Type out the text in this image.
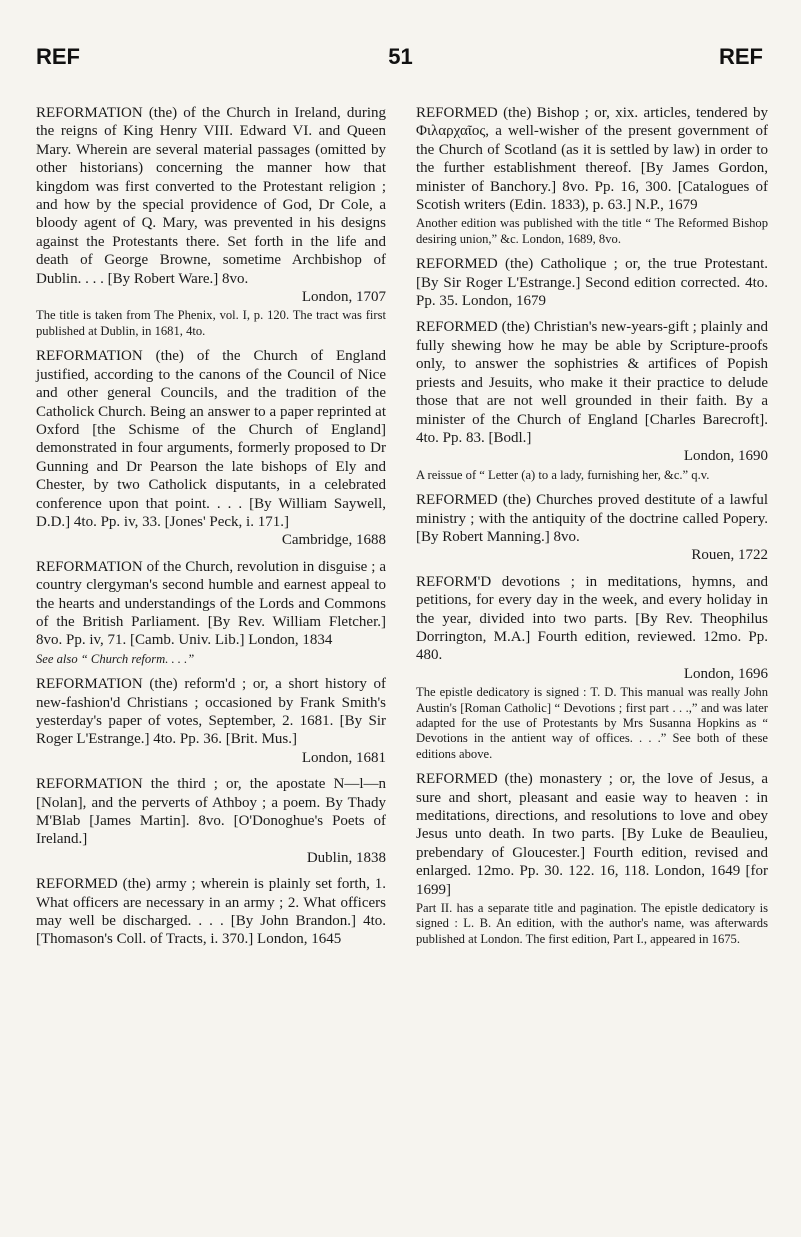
REF	51	REF

REFORMATION (the) of the Church in Ireland, during the reigns of King Henry VIII. Edward VI. and Queen Mary. Wherein are several material passages (omitted by other historians) concerning the manner how that kingdom was first converted to the Protestant religion ; and how by the special providence of God, Dr Cole, a bloody agent of Q. Mary, was prevented in his designs against the Protestants there. Set forth in the life and death of George Browne, sometime Archbishop of Dublin. . . . [By Robert Ware.] 8vo.
London, 1707

The title is taken from The Phenix, vol. I, p. 120. The tract was first published at Dublin, in 1681, 4to.

REFORMATION (the) of the Church of England justified, according to the canons of the Council of Nice and other general Councils, and the tradition of the Catholick Church. Being an answer to a paper reprinted at Oxford [the Schisme of the Church of England] demonstrated in four arguments, formerly proposed to Dr Gunning and Dr Pearson the late bishops of Ely and Chester, by two Catholick disputants, in a celebrated conference upon that point. . . . [By William Saywell, D.D.] 4to. Pp. iv, 33. [Jones' Peck, i. 171.]
Cambridge, 1688

REFORMATION of the Church, revolution in disguise ; a country clergyman's second humble and earnest appeal to the hearts and understandings of the Lords and Commons of the British Parliament. [By Rev. William Fletcher.] 8vo. Pp. iv, 71. [Camb. Univ. Lib.] London, 1834

See also “ Church reform. . . .”

REFORMATION (the) reform'd ; or, a short history of new-fashion'd Christians ; occasioned by Frank Smith's yesterday's paper of votes, September, 2. 1681. [By Sir Roger L'Estrange.] 4to. Pp. 36. [Brit. Mus.]
London, 1681

REFORMATION the third ; or, the apostate N—l—n [Nolan], and the perverts of Athboy ; a poem. By Thady M'Blab [James Martin]. 8vo. [O'Donoghue's Poets of Ireland.]
Dublin, 1838

REFORMED (the) army ; wherein is plainly set forth, 1. What officers are necessary in an army ; 2. What officers may well be discharged. . . . [By John Brandon.] 4to. [Thomason's Coll. of Tracts, i. 370.] London, 1645

REFORMED (the) Bishop ; or, xix. articles, tendered by Φιλαρχαῖος, a well-wisher of the present government of the Church of Scotland (as it is settled by law) in order to the further establishment thereof. [By James Gordon, minister of Banchory.] 8vo. Pp. 16, 300. [Catalogues of Scotish writers (Edin. 1833), p. 63.] N.P., 1679

Another edition was published with the title “ The Reformed Bishop desiring union,” &c. London, 1689, 8vo.

REFORMED (the) Catholique ; or, the true Protestant. [By Sir Roger L'Estrange.] Second edition corrected. 4to. Pp. 35. London, 1679

REFORMED (the) Christian's new-years-gift ; plainly and fully shewing how he may be able by Scripture-proofs only, to answer the sophistries & artifices of Popish priests and Jesuits, who make it their practice to delude those that are not well grounded in their faith. By a minister of the Church of England [Charles Barecroft]. 4to. Pp. 83. [Bodl.]
London, 1690

A reissue of “ Letter (a) to a lady, furnishing her, &c.” q.v.

REFORMED (the) Churches proved destitute of a lawful ministry ; with the antiquity of the doctrine called Popery. [By Robert Manning.] 8vo.
Rouen, 1722

REFORM'D devotions ; in meditations, hymns, and petitions, for every day in the week, and every holiday in the year, divided into two parts. [By Rev. Theophilus Dorrington, M.A.] Fourth edition, reviewed. 12mo. Pp. 480.
London, 1696

The epistle dedicatory is signed : T. D. This manual was really John Austin's [Roman Catholic] “ Devotions ; first part . . .,” and was later adapted for the use of Protestants by Mrs Susanna Hopkins as “ Devotions in the antient way of offices. . . .” See both of these editions above.

REFORMED (the) monastery ; or, the love of Jesus, a sure and short, pleasant and easie way to heaven : in meditations, directions, and resolutions to love and obey Jesus unto death. In two parts. [By Luke de Beaulieu, prebendary of Gloucester.] Fourth edition, revised and enlarged. 12mo. Pp. 30. 122. 16, 118. London, 1649 [for 1699]

Part II. has a separate title and pagination. The epistle dedicatory is signed : L. B. An edition, with the author's name, was afterwards published at London. The first edition, Part I., appeared in 1675.
